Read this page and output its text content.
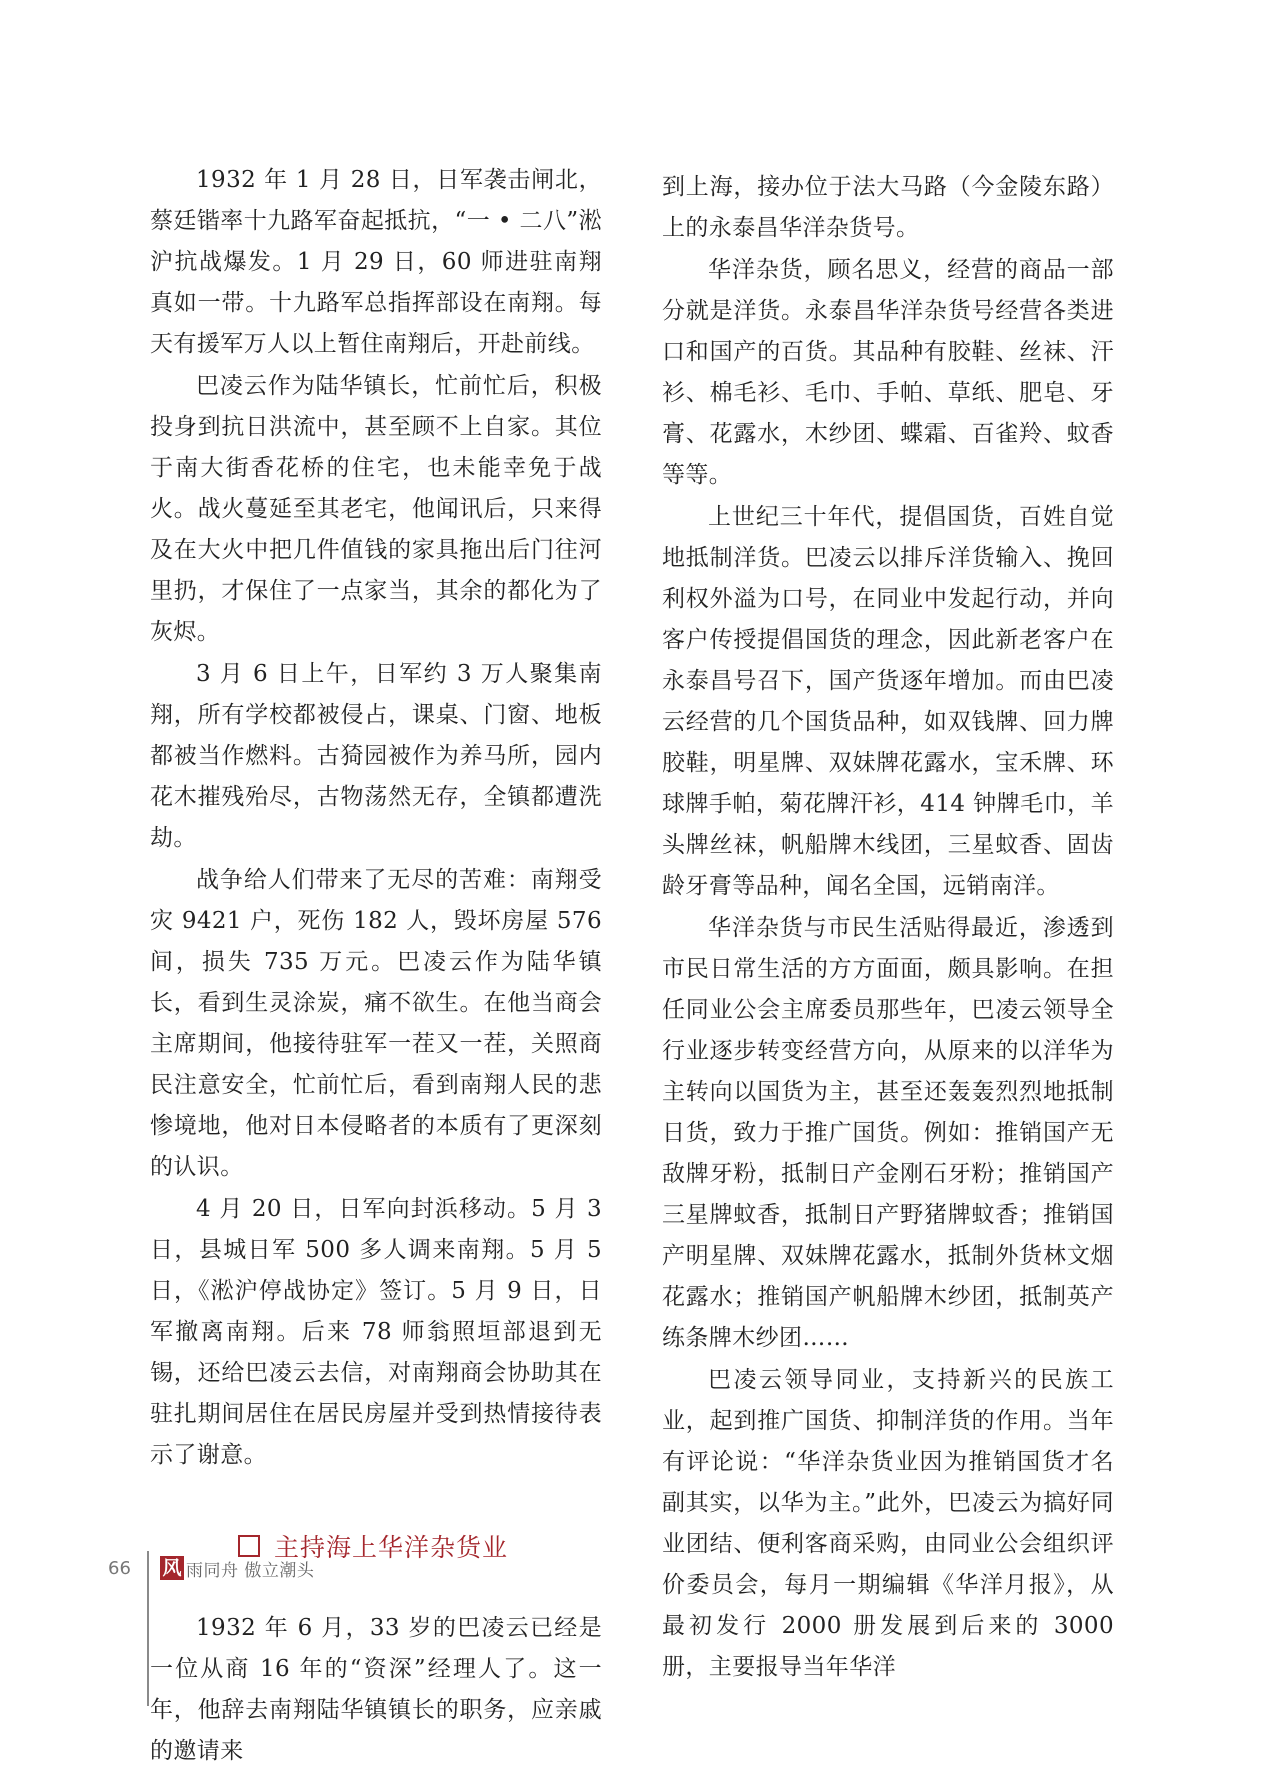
1932 年 1 月 28 日，日军袭击闸北，蔡廷锴率十九路军奋起抵抗，“一 • 二八”淞沪抗战爆发。1 月 29 日，60 师进驻南翔真如一带。十九路军总指挥部设在南翔。每天有援军万人以上暂住南翔后，开赴前线。

巴凌云作为陆华镇长，忙前忙后，积极投身到抗日洪流中，甚至顾不上自家。其位于南大街香花桥的住宅，也未能幸免于战火。战火蔓延至其老宅，他闻讯后，只来得及在大火中把几件值钱的家具拖出后门往河里扔，才保住了一点家当，其余的都化为了灰烬。

3 月 6 日上午，日军约 3 万人聚集南翔，所有学校都被侵占，课桌、门窗、地板都被当作燃料。古猗园被作为养马所，园内花木摧残殆尽，古物荡然无存，全镇都遭洗劫。

战争给人们带来了无尽的苦难：南翔受灾 9421 户，死伤 182 人，毁坏房屋 576 间，损失 735 万元。巴凌云作为陆华镇长，看到生灵涂炭，痛不欲生。在他当商会主席期间，他接待驻军一茬又一茬，关照商民注意安全，忙前忙后，看到南翔人民的悲惨境地，他对日本侵略者的本质有了更深刻的认识。

4 月 20 日，日军向封浜移动。5 月 3 日，县城日军 500 多人调来南翔。5 月 5 日，《淞沪停战协定》签订。5 月 9 日，日军撤离南翔。后来 78 师翁照垣部退到无锡，还给巴凌云去信，对南翔商会协助其在驻扎期间居住在居民房屋并受到热情接待表示了谢意。

主持海上华洋杂货业

1932 年 6 月，33 岁的巴凌云已经是一位从商 16 年的“资深”经理人了。这一年，他辞去南翔陆华镇镇长的职务，应亲戚的邀请来

到上海，接办位于法大马路（今金陵东路）上的永泰昌华洋杂货号。

华洋杂货，顾名思义，经营的商品一部分就是洋货。永泰昌华洋杂货号经营各类进口和国产的百货。其品种有胶鞋、丝袜、汗衫、棉毛衫、毛巾、手帕、草纸、肥皂、牙膏、花露水，木纱团、蝶霜、百雀羚、蚊香等等。

上世纪三十年代，提倡国货，百姓自觉地抵制洋货。巴凌云以排斥洋货输入、挽回利权外溢为口号，在同业中发起行动，并向客户传授提倡国货的理念，因此新老客户在永泰昌号召下，国产货逐年增加。而由巴凌云经营的几个国货品种，如双钱牌、回力牌胶鞋，明星牌、双妹牌花露水，宝禾牌、环球牌手帕，菊花牌汗衫，414 钟牌毛巾，羊头牌丝袜，帆船牌木线团，三星蚊香、固齿龄牙膏等品种，闻名全国，远销南洋。

华洋杂货与市民生活贴得最近，渗透到市民日常生活的方方面面，颇具影响。在担任同业公会主席委员那些年，巴凌云领导全行业逐步转变经营方向，从原来的以洋华为主转向以国货为主，甚至还轰轰烈烈地抵制日货，致力于推广国货。例如：推销国产无敌牌牙粉，抵制日产金刚石牙粉；推销国产三星牌蚊香，抵制日产野猪牌蚊香；推销国产明星牌、双妹牌花露水，抵制外货林文烟花露水；推销国产帆船牌木纱团，抵制英产练条牌木纱团……

巴凌云领导同业，支持新兴的民族工业，起到推广国货、抑制洋货的作用。当年有评论说：“华洋杂货业因为推销国货才名副其实，以华为主。”此外，巴凌云为搞好同业团结、便利客商采购，由同业公会组织评价委员会，每月一期编辑《华洋月报》，从最初发行 2000 册发展到后来的 3000 册，主要报导当年华洋

66	风 雨同舟 傲立潮头
